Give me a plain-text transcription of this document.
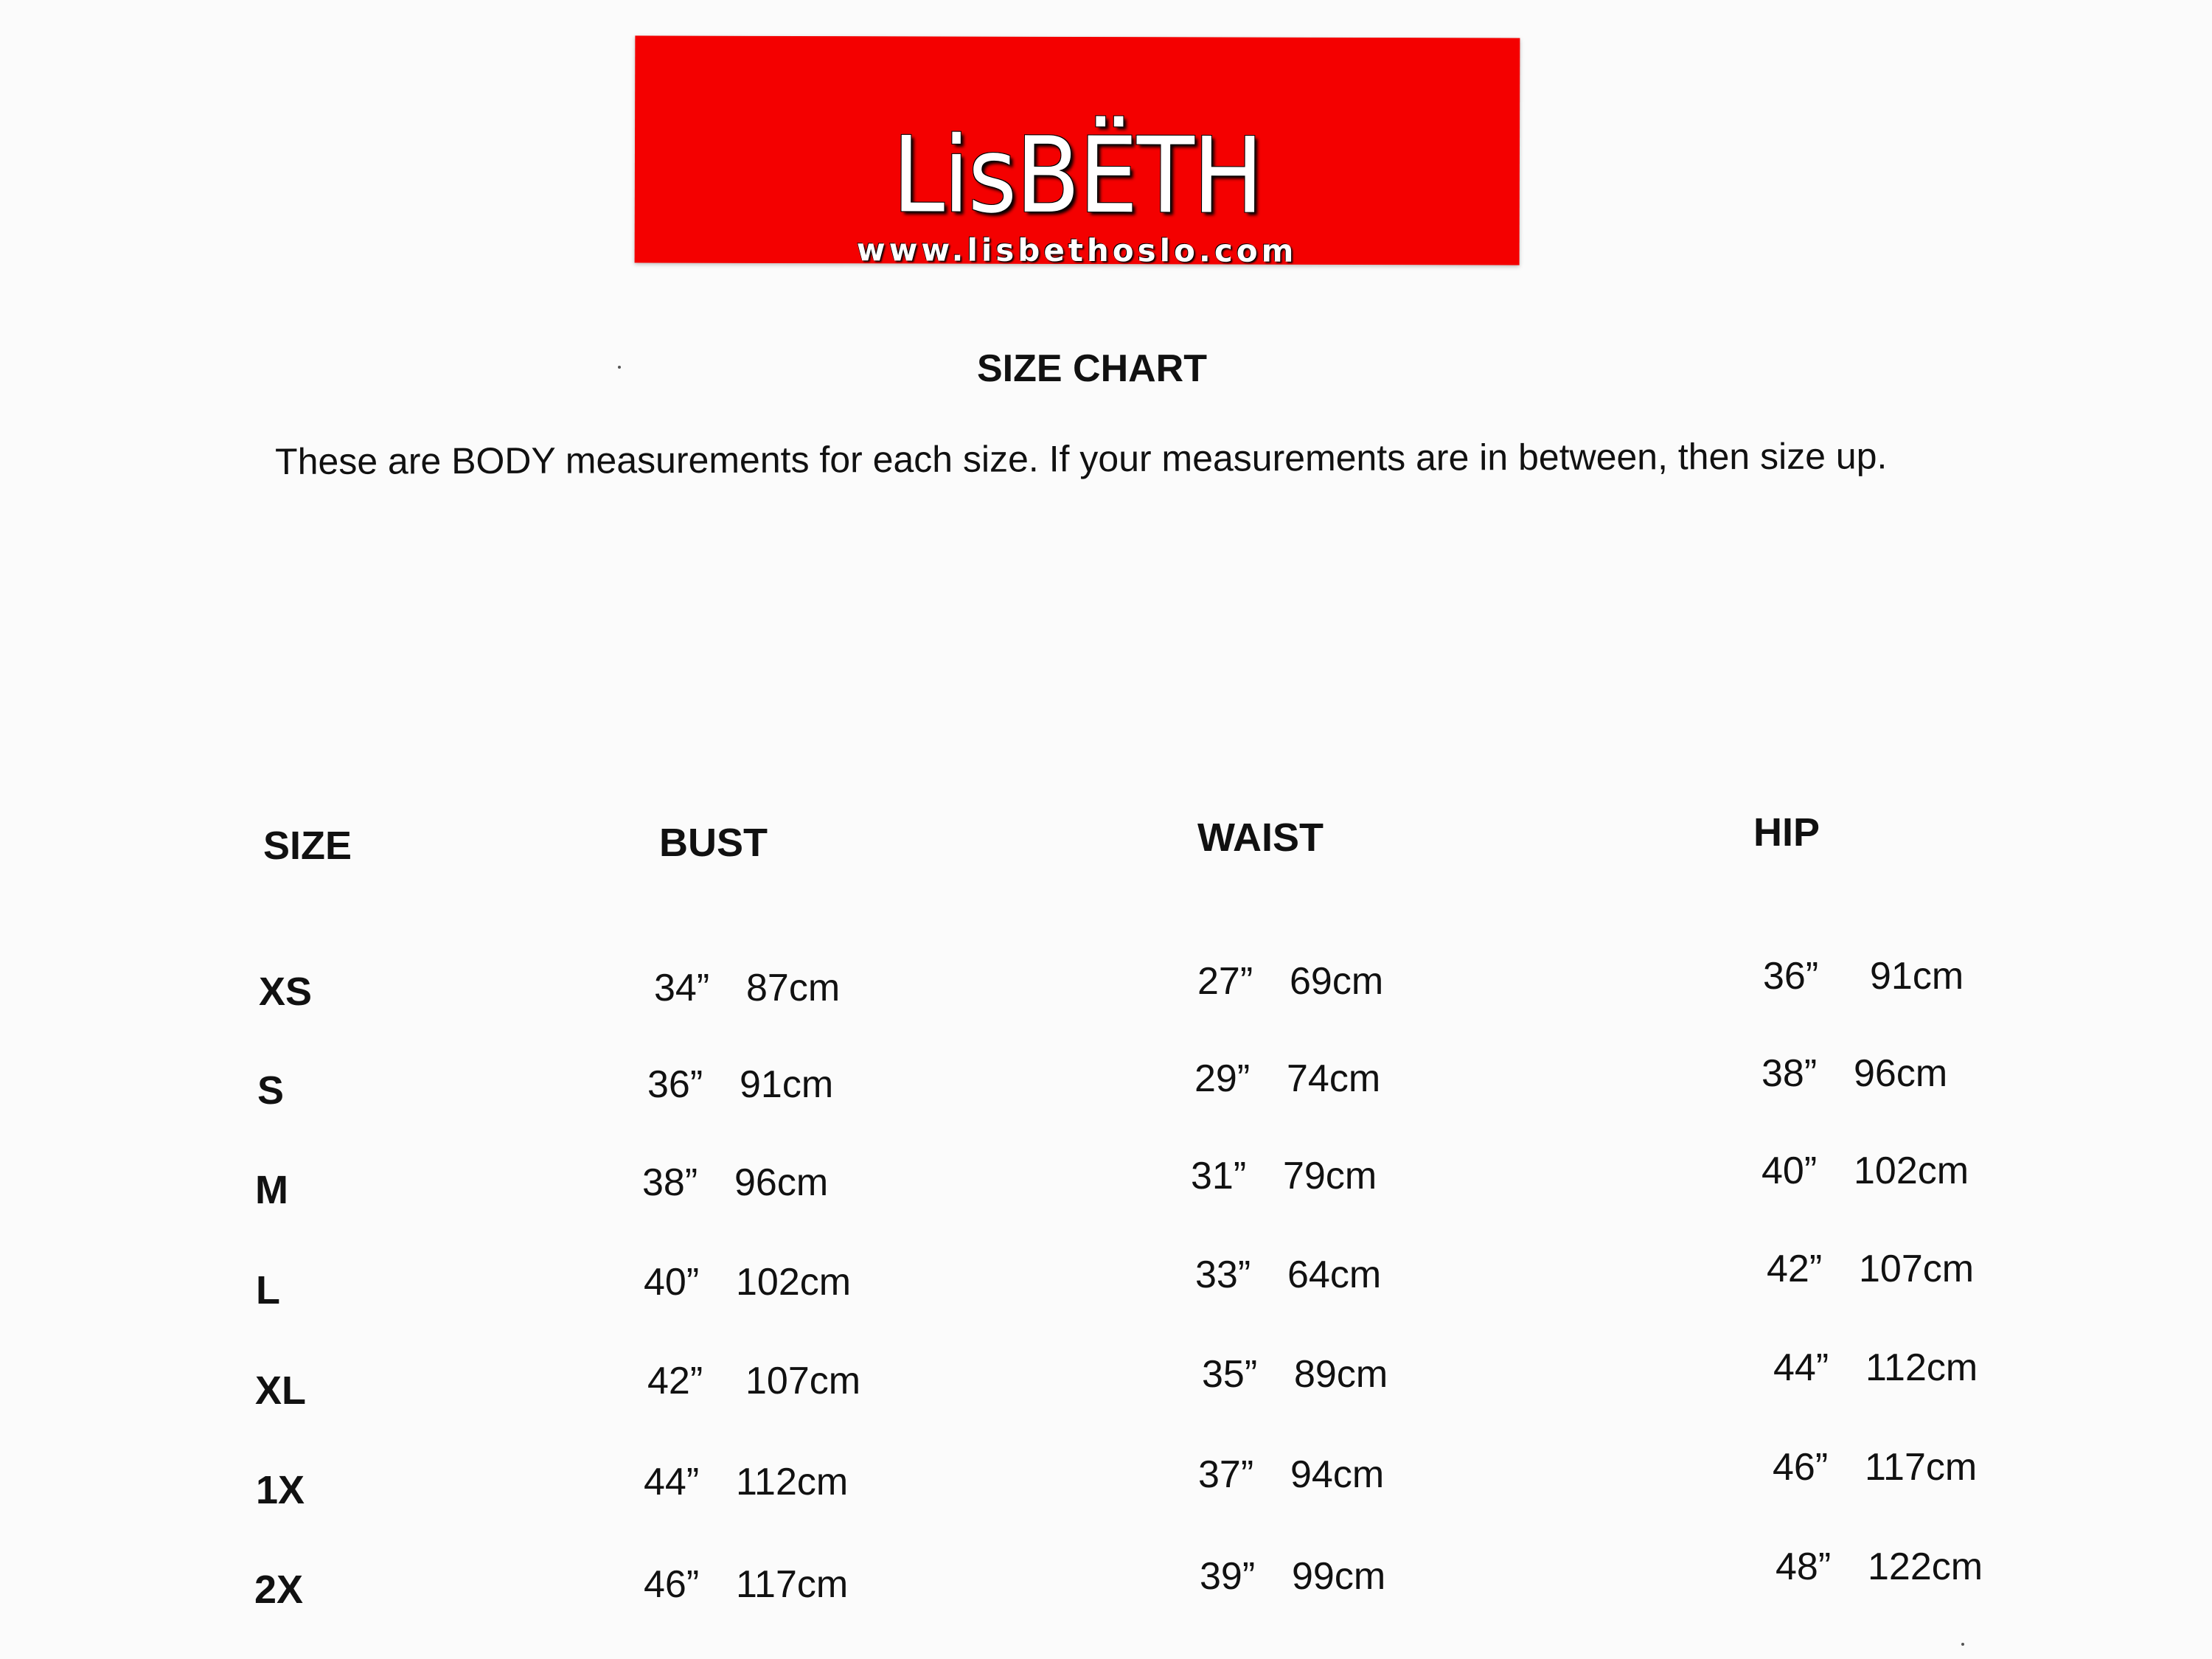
LisBËTH
www.lisbethoslo.com
SIZE CHART
These are BODY measurements for each size. If your measurements are in between, then size up.
SIZE	BUST	WAIST	HIP
XS	34” 87cm	27” 69cm	36” 91cm
S	36” 91cm	29” 74cm	38” 96cm
M	38” 96cm	31” 79cm	40” 102cm
L	40” 102cm	33” 64cm	42” 107cm
XL	42” 107cm	35” 89cm	44” 112cm
1X	44” 112cm	37” 94cm	46” 117cm
2X	46” 117cm	39” 99cm	48” 122cm
